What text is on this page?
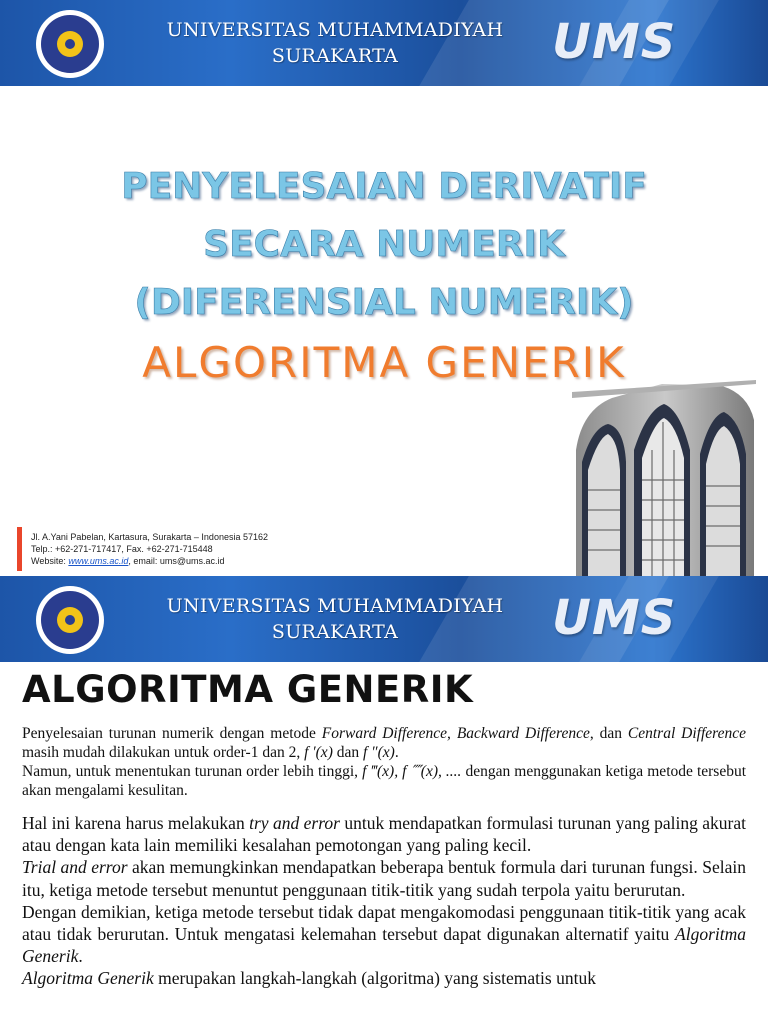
UNIVERSITAS MUHAMMADIYAH
SURAKARTA	UMS
PENYELESAIAN DERIVATIF
SECARA NUMERIK
(DIFERENSIAL NUMERIK)
ALGORITMA GENERIK
Jl. A.Yani Pabelan, Kartasura, Surakarta – Indonesia 57162
Telp.: +62-271-717417, Fax. +62-271-715448
Website: www.ums.ac.id, email: ums@ums.ac.id
UNIVERSITAS MUHAMMADIYAH
SURAKARTA	UMS
ALGORITMA GENERIK

Penyelesaian turunan numerik dengan metode Forward Difference, Backward Difference, dan Central Difference masih mudah dilakukan untuk order-1 dan 2, f ′(x) dan f ″(x).
Namun, untuk menentukan turunan order lebih tinggi, f ‴(x), f ⁗(x), .... dengan menggunakan ketiga metode tersebut akan mengalami kesulitan.

Hal ini karena harus melakukan try and error untuk mendapatkan formulasi turunan yang paling akurat atau dengan kata lain memiliki kesalahan pemotongan yang paling kecil.
Trial and error akan memungkinkan mendapatkan beberapa bentuk formula dari turunan fungsi. Selain itu, ketiga metode tersebut menuntut penggunaan titik-titik yang sudah terpola yaitu berurutan.
Dengan demikian, ketiga metode tersebut tidak dapat mengakomodasi penggunaan titik-titik yang acak atau tidak berurutan. Untuk mengatasi kelemahan tersebut dapat digunakan alternatif yaitu Algoritma Generik.
Algoritma Generik merupakan langkah-langkah (algoritma) yang sistematis untuk
